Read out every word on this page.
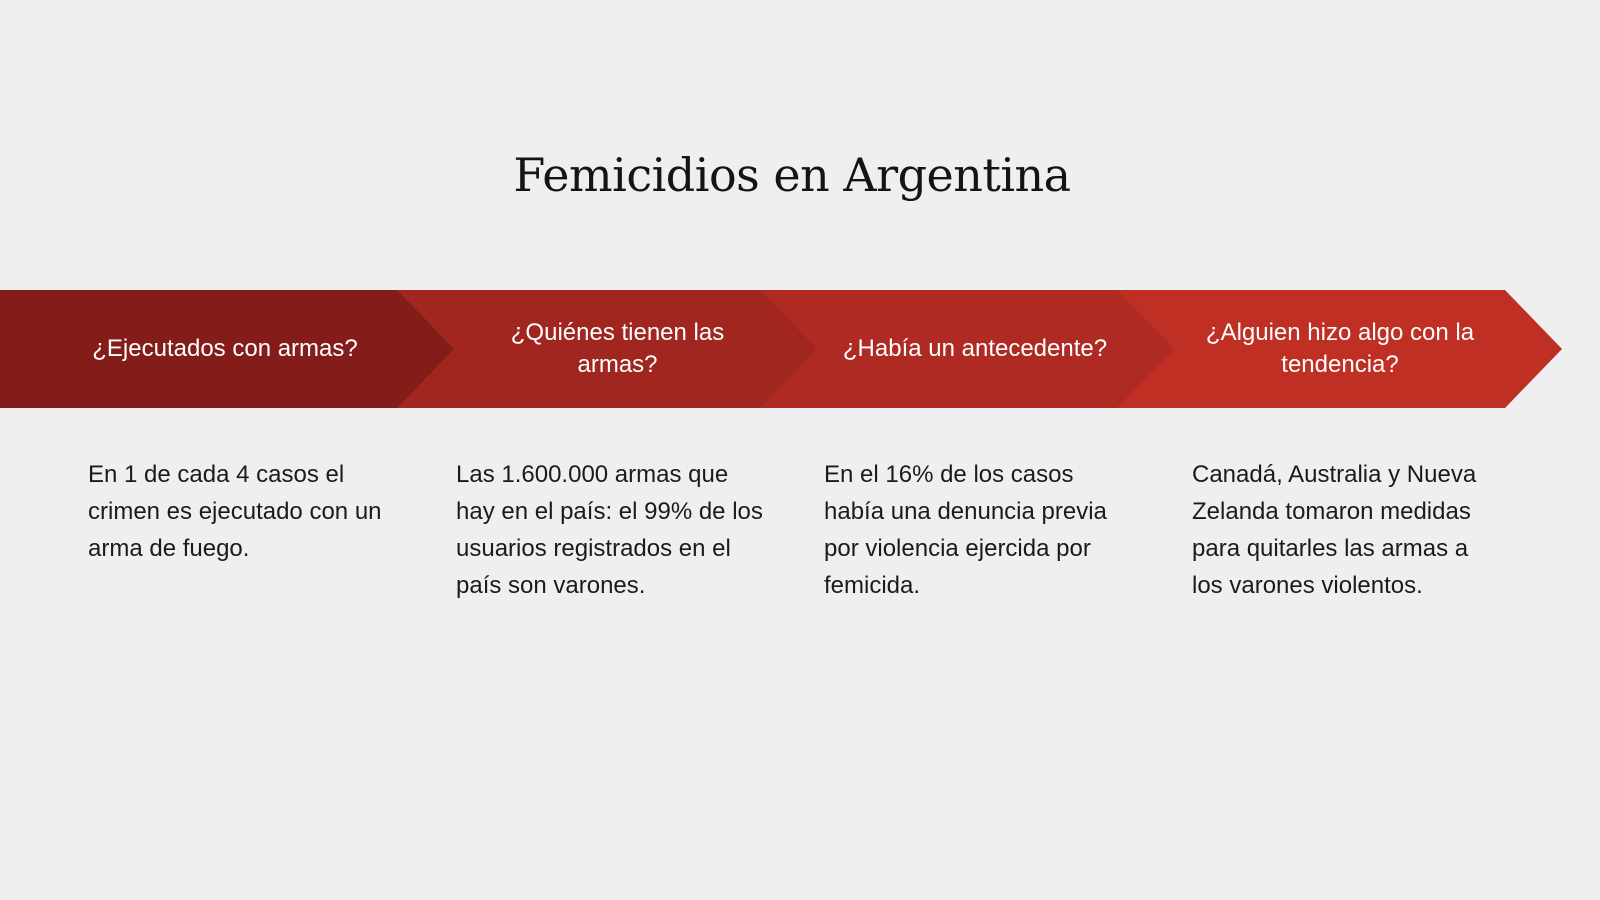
Femicidios en Argentina
¿Ejecutados con armas?
¿Quiénes tienen las armas?
¿Había un antecedente?
¿Alguien hizo algo con la tendencia?
En 1 de cada 4 casos el crimen es ejecutado con un arma de fuego.
Las 1.600.000 armas que hay en el país: el 99% de los usuarios registrados en el país son varones.
En el 16% de los casos había una denuncia previa por violencia ejercida por femicida.
Canadá, Australia y Nueva Zelanda tomaron medidas para quitarles las armas a los varones violentos.
